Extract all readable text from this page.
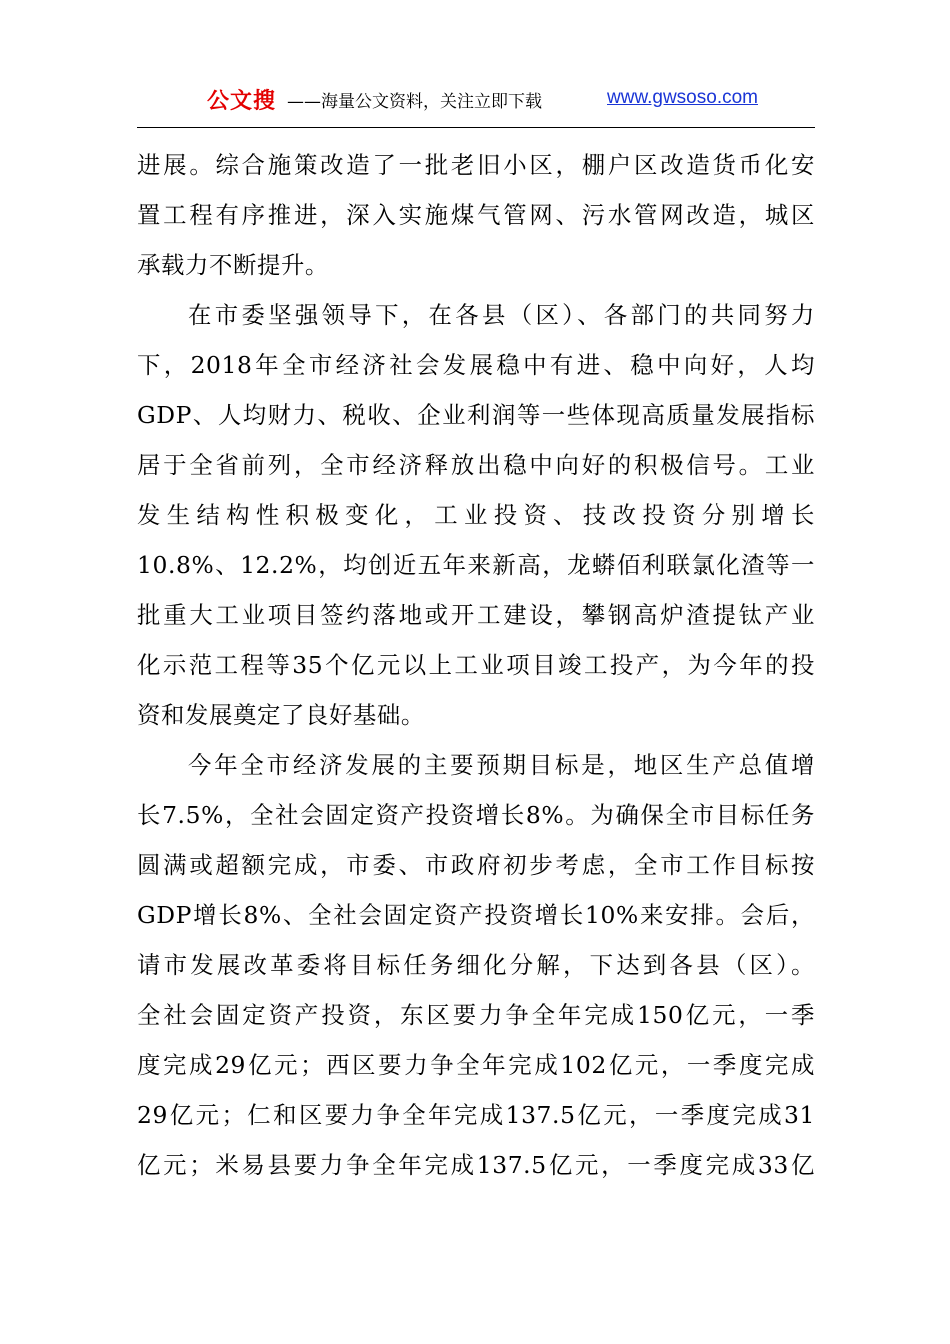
公文搜 ——海量公文资料，关注立即下载	www.gwsoso.com
进展。综合施策改造了一批老旧小区，棚户区改造货币化安
置工程有序推进，深入实施煤气管网、污水管网改造，城区
承载力不断提升。
在市委坚强领导下，在各县（区）、各部门的共同努力
下，2018年全市经济社会发展稳中有进、稳中向好，人均
GDP、人均财力、税收、企业利润等一些体现高质量发展指标
居于全省前列，全市经济释放出稳中向好的积极信号。工业
发生结构性积极变化，工业投资、技改投资分别增长
10.8%、12.2%，均创近五年来新高，龙蟒佰利联氯化渣等一
批重大工业项目签约落地或开工建设，攀钢高炉渣提钛产业
化示范工程等35个亿元以上工业项目竣工投产，为今年的投
资和发展奠定了良好基础。
今年全市经济发展的主要预期目标是，地区生产总值增
长7.5%，全社会固定资产投资增长8%。为确保全市目标任务
圆满或超额完成，市委、市政府初步考虑，全市工作目标按
GDP增长8%、全社会固定资产投资增长10%来安排。会后，
请市发展改革委将目标任务细化分解，下达到各县（区）。
全社会固定资产投资，东区要力争全年完成150亿元，一季
度完成29亿元；西区要力争全年完成102亿元，一季度完成
29亿元；仁和区要力争全年完成137.5亿元，一季度完成31
亿元；米易县要力争全年完成137.5亿元，一季度完成33亿
